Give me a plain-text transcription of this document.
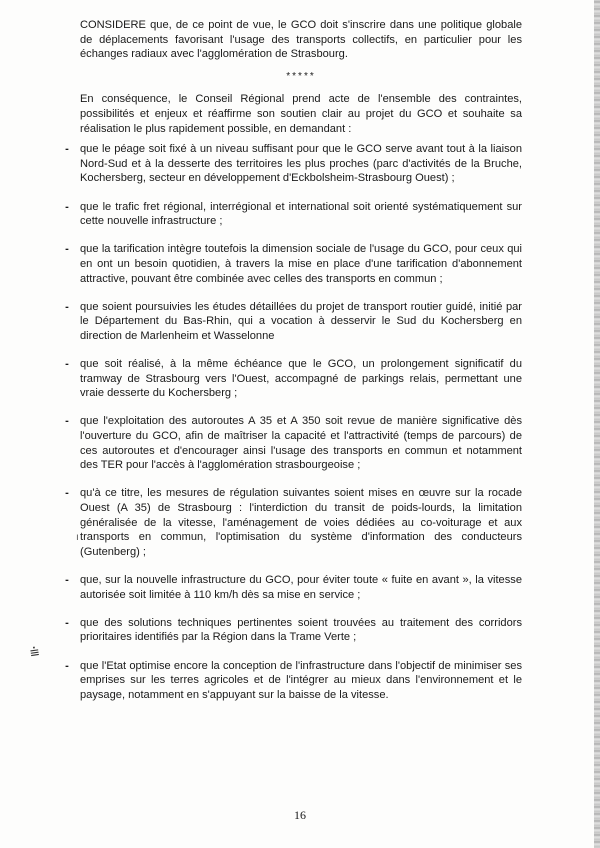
CONSIDERE que, de ce point de vue, le GCO doit s'inscrire dans une politique globale de déplacements favorisant l'usage des transports collectifs, en particulier pour les échanges radiaux avec l'agglomération de Strasbourg.

*****

En conséquence, le Conseil Régional prend acte de l'ensemble des contraintes, possibilités et enjeux et réaffirme son soutien clair au projet du GCO et souhaite sa réalisation le plus rapidement possible, en demandant :

- que le péage soit fixé à un niveau suffisant pour que le GCO serve avant tout à la liaison Nord-Sud et à la desserte des territoires les plus proches (parc d'activités de la Bruche, Kochersberg, secteur en développement d'Eckbolsheim-Strasbourg Ouest) ;
- que le trafic fret régional, interrégional et international soit orienté systématiquement sur cette nouvelle infrastructure ;
- que la tarification intègre toutefois la dimension sociale de l'usage du GCO, pour ceux qui en ont un besoin quotidien, à travers la mise en place d'une tarification d'abonnement attractive, pouvant être combinée avec celles des transports en commun ;
- que soient poursuivies les études détaillées du projet de transport routier guidé, initié par le Département du Bas-Rhin, qui a vocation à desservir le Sud du Kochersberg en direction de Marlenheim et Wasselonne
- que soit réalisé, à la même échéance que le GCO, un prolongement significatif du tramway de Strasbourg vers l'Ouest, accompagné de parkings relais, permettant une vraie desserte du Kochersberg ;
- que l'exploitation des autoroutes A 35 et A 350 soit revue de manière significative dès l'ouverture du GCO, afin de maîtriser la capacité et l'attractivité (temps de parcours) de ces autoroutes et d'encourager ainsi l'usage des transports en commun et notamment des TER pour l'accès à l'agglomération strasbourgeoise ;
- qu'à ce titre, les mesures de régulation suivantes soient mises en œuvre sur la rocade Ouest (A 35) de Strasbourg : l'interdiction du transit de poids-lourds, la limitation généralisée de la vitesse, l'aménagement de voies dédiées au co-voiturage et aux transports en commun, l'optimisation du système d'information des conducteurs (Gutenberg) ;
- que, sur la nouvelle infrastructure du GCO, pour éviter toute « fuite en avant », la vitesse autorisée soit limitée à 110 km/h dès sa mise en service ;
- que des solutions techniques pertinentes soient trouvées au traitement des corridors prioritaires identifiés par la Région dans la Trame Verte ;
- que l'Etat optimise encore la conception de l'infrastructure dans l'objectif de minimiser ses emprises sur les terres agricoles et de l'intégrer au mieux dans l'environnement et le paysage, notamment en s'appuyant sur la baisse de la vitesse.
⩧
ı
16
